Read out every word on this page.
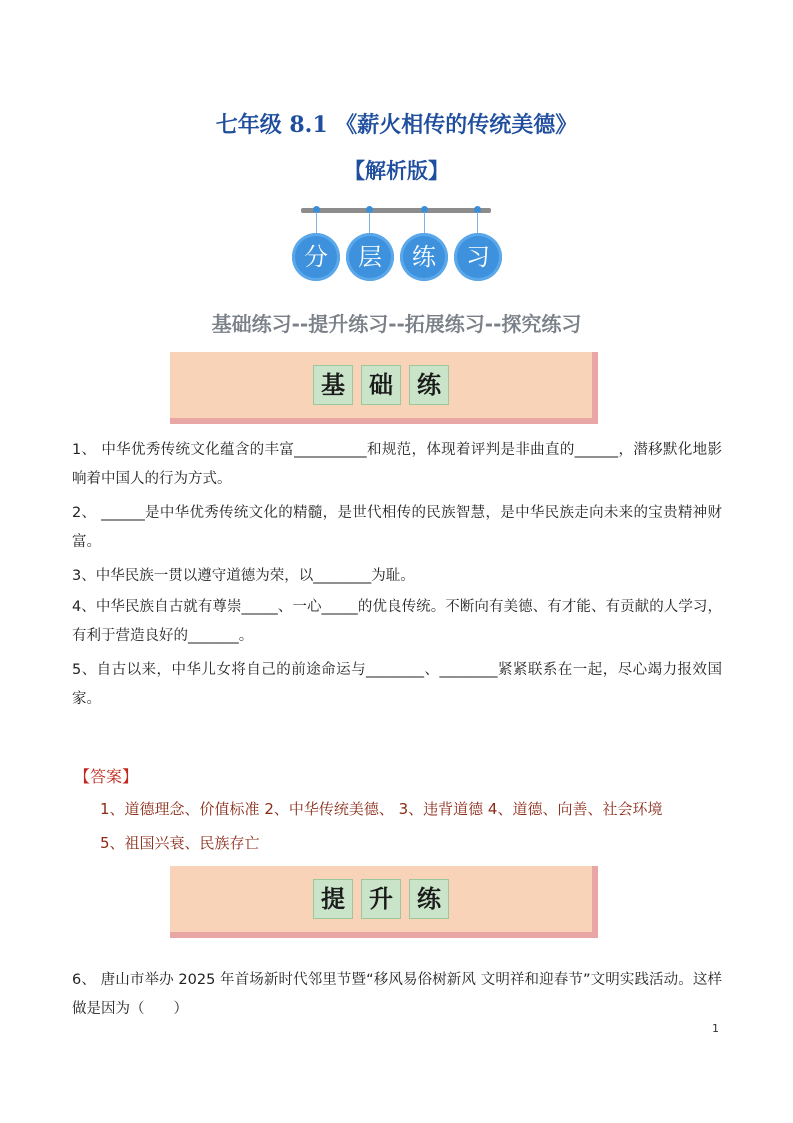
七年级 8.1 《薪火相传的传统美德》
【解析版】
分	层	练	习
基础练习--提升练习--拓展练习--探究练习
基	础	练
1、 中华优秀传统文化蕴含的丰富__________和规范，体现着评判是非曲直的______，潜移默化地影响着中国人的行为方式。
2、 ______是中华优秀传统文化的精髓，是世代相传的民族智慧，是中华民族走向未来的宝贵精神财富。
3、中华民族一贯以遵守道德为荣，以________为耻。
4、中华民族自古就有尊崇_____、一心_____的优良传统。不断向有美德、有才能、有贡献的人学习，有利于营造良好的_______。
5、自古以来，中华儿女将自己的前途命运与________、________紧紧联系在一起，尽心竭力报效国家。
【答案】
1、道德理念、价值标准 2、中华传统美德、 3、违背道德 4、道德、向善、社会环境
5、祖国兴衰、民族存亡
提	升	练
6、 唐山市举办 2025 年首场新时代邻里节暨“移风易俗树新风 文明祥和迎春节”文明实践活动。这样做是因为（　　）
1
